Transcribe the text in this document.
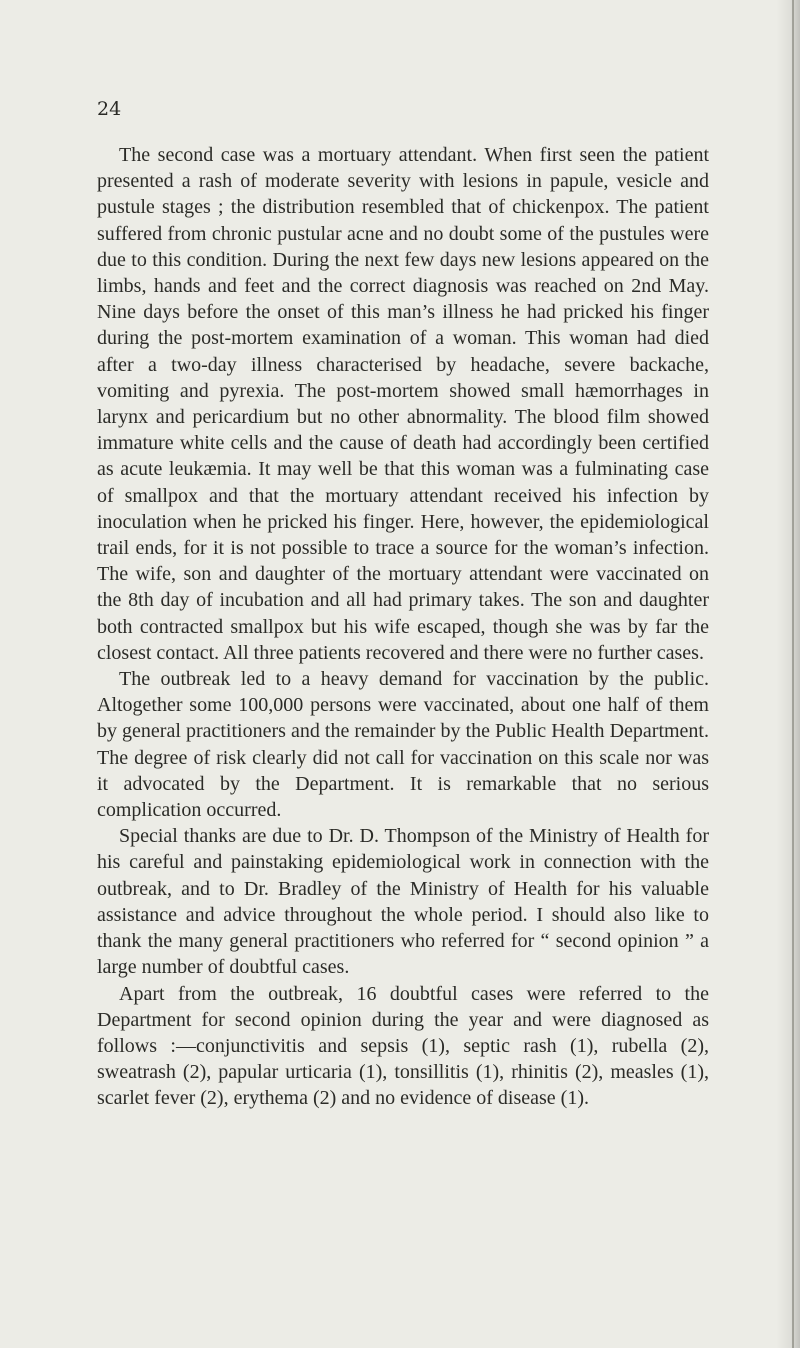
24

The second case was a mortuary attendant. When first seen the patient presented a rash of moderate severity with lesions in papule, vesicle and pustule stages ; the distribution resembled that of chickenpox. The patient suffered from chronic pustular acne and no doubt some of the pustules were due to this condition. During the next few days new lesions appeared on the limbs, hands and feet and the correct diagnosis was reached on 2nd May. Nine days before the onset of this man’s illness he had pricked his finger during the post-mortem examination of a woman. This woman had died after a two-day illness characterised by headache, severe backache, vomiting and pyrexia. The post-mortem showed small hæmorrhages in larynx and pericardium but no other abnormality. The blood film showed immature white cells and the cause of death had accordingly been certified as acute leukæmia. It may well be that this woman was a fulminating case of smallpox and that the mortuary attendant received his infection by inoculation when he pricked his finger. Here, however, the epidemiological trail ends, for it is not possible to trace a source for the woman’s infection. The wife, son and daughter of the mortuary attendant were vaccinated on the 8th day of incubation and all had primary takes. The son and daughter both contracted smallpox but his wife escaped, though she was by far the closest contact. All three patients recovered and there were no further cases.

The outbreak led to a heavy demand for vaccination by the public. Altogether some 100,000 persons were vaccinated, about one half of them by general practitioners and the remainder by the Public Health Department. The degree of risk clearly did not call for vaccination on this scale nor was it advocated by the Department. It is remarkable that no serious complication occurred.

Special thanks are due to Dr. D. Thompson of the Ministry of Health for his careful and painstaking epidemiological work in connection with the outbreak, and to Dr. Bradley of the Ministry of Health for his valuable assistance and advice throughout the whole period. I should also like to thank the many general practitioners who referred for “ second opinion ” a large number of doubtful cases.

Apart from the outbreak, 16 doubtful cases were referred to the Department for second opinion during the year and were diagnosed as follows :—conjunctivitis and sepsis (1), septic rash (1), rubella (2), sweatrash (2), papular urticaria (1), tonsillitis (1), rhinitis (2), measles (1), scarlet fever (2), erythema (2) and no evidence of disease (1).
